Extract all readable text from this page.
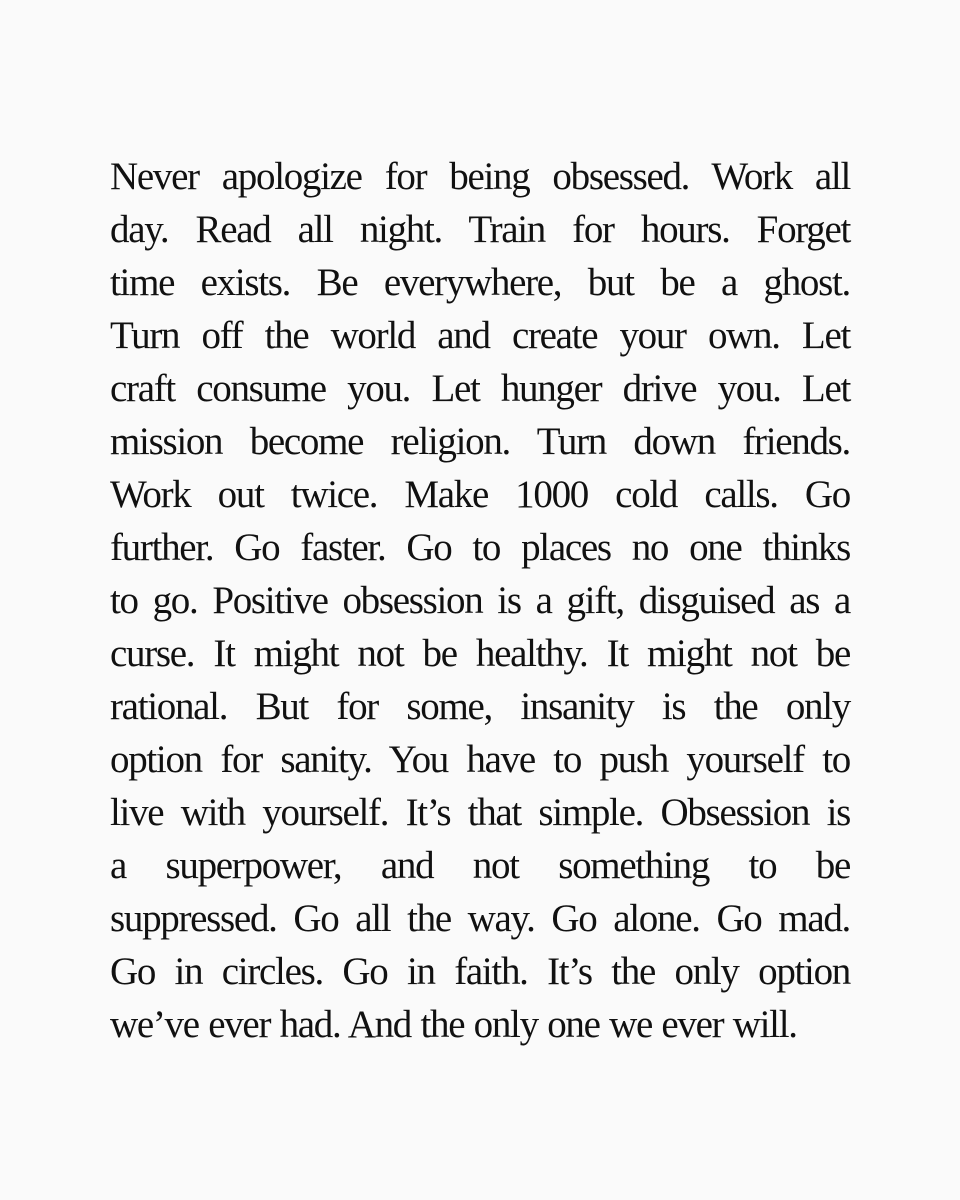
Never apologize for being obsessed. Work all
day. Read all night. Train for hours. Forget
time exists. Be everywhere, but be a ghost.
Turn off the world and create your own. Let
craft consume you. Let hunger drive you. Let
mission become religion. Turn down friends.
Work out twice. Make 1000 cold calls. Go
further. Go faster. Go to places no one thinks
to go. Positive obsession is a gift, disguised as a
curse. It might not be healthy. It might not be
rational. But for some, insanity is the only
option for sanity. You have to push yourself to
live with yourself. It’s that simple. Obsession is
a superpower, and not something to be
suppressed. Go all the way. Go alone. Go mad.
Go in circles. Go in faith. It’s the only option
we’ve ever had. And the only one we ever will.
